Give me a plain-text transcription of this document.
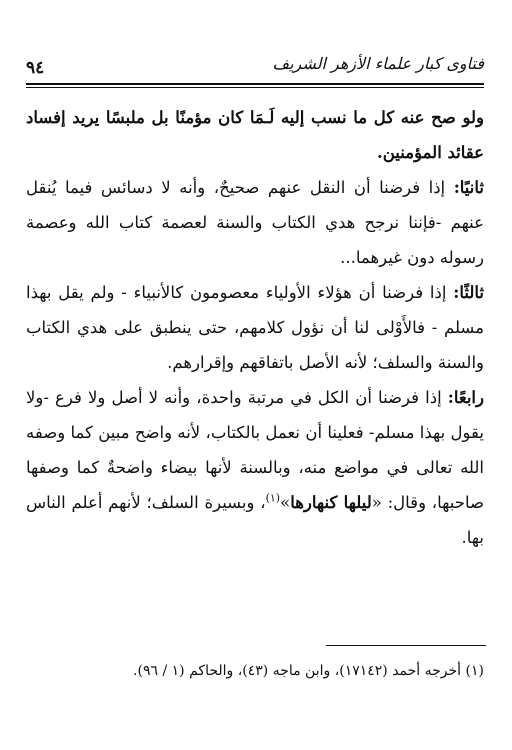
٩٤	فتاوى كبار علماء الأزهر الشريف

ولو صح عنه كل ما نسب إليه لَـمَا كان مؤمنًا بل ملبسًا يريد إفساد عقائد المؤمنين.

ثانيًا: إذا فرضنا أن النقل عنهم صحيحٌ، وأنه لا دسائس فيما يُنقل عنهم -فإننا نرجح هدي الكتاب والسنة لعصمة كتاب الله وعصمة رسوله دون غيرهما...

ثالثًا: إذا فرضنا أن هؤلاء الأولياء معصومون كالأنبياء - ولم يقل بهذا مسلم - فالأَوْلى لنا أن نؤول كلامهم، حتى ينطبق على هدي الكتاب والسنة والسلف؛ لأنه الأصل باتفاقهم وإقرارهم.

رابعًا: إذا فرضنا أن الكل في مرتبة واحدة، وأنه لا أصل ولا فرع -ولا يقول بهذا مسلم- فعلينا أن نعمل بالكتاب، لأنه واضح مبين كما وصفه الله تعالى في مواضع منه، وبالسنة لأنها بيضاء واضحةٌ كما وصفها صاحبها، وقال: «ليلها كنهارها»$^{(١)}$، وبسيرة السلف؛ لأنهم أعلم الناس بها.

(١) أخرجه أحمد (١٧١٤٢)، وابن ماجه (٤٣)، والحاكم (١ / ٩٦).
